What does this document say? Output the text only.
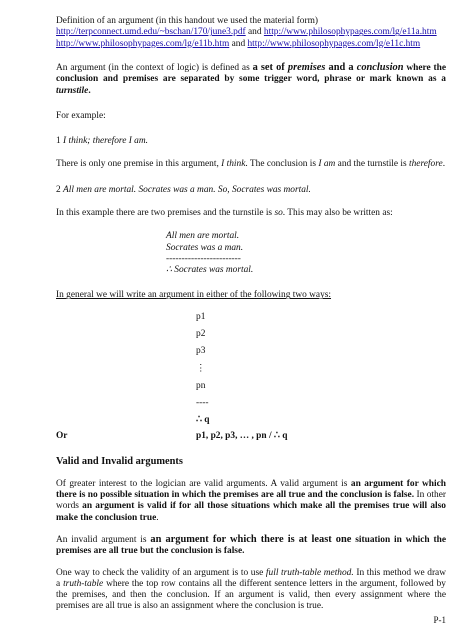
Definition of an argument (in this handout we used the material form)

http://terpconnect.umd.edu/~bschan/170/june3.pdf and http://www.philosophypages.com/lg/e11a.htm

http://www.philosophypages.com/lg/e11b.htm and http://www.philosophypages.com/lg/e11c.htm

An argument (in the context of logic) is defined as a set of premises and a conclusion where the conclusion and premises are separated by some trigger word, phrase or mark known as a turnstile.

For example:

1 I think; therefore I am.

There is only one premise in this argument, I think. The conclusion is I am and the turnstile is therefore.

2 All men are mortal. Socrates was a man. So, Socrates was mortal.

In this example there are two premises and the turnstile is so. This may also be written as:

All men are mortal.

Socrates was a man.

------------------------

∴ Socrates was mortal.

In general we will write an argument in either of the following two ways:

p1

p2

p3

⋮

pn

----

∴ q

Or	p1, p2, p3, … , pn / ∴ q

Valid and Invalid arguments

Of greater interest to the logician are valid arguments. A valid argument is an argument for which there is no possible situation in which the premises are all true and the conclusion is false. In other words an argument is valid if for all those situations which make all the premises true will also make the conclusion true.

An invalid argument is an argument for which there is at least one situation in which the premises are all true but the conclusion is false.

One way to check the validity of an argument is to use full truth-table method. In this method we draw a truth-table where the top row contains all the different sentence letters in the argument, followed by the premises, and then the conclusion. If an argument is valid, then every assignment where the premises are all true is also an assignment where the conclusion is true.

P-1
